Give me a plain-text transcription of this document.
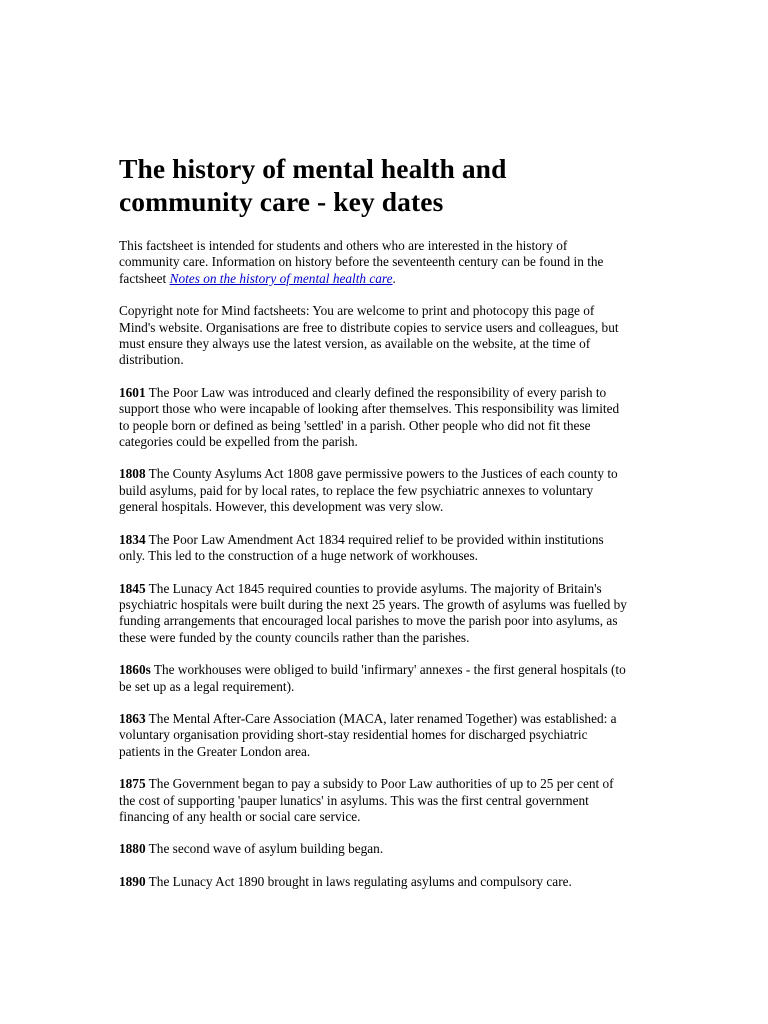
The history of mental health and community care - key dates

This factsheet is intended for students and others who are interested in the history of community care. Information on history before the seventeenth century can be found in the factsheet Notes on the history of mental health care.

Copyright note for Mind factsheets: You are welcome to print and photocopy this page of Mind's website. Organisations are free to distribute copies to service users and colleagues, but must ensure they always use the latest version, as available on the website, at the time of distribution.

1601 The Poor Law was introduced and clearly defined the responsibility of every parish to support those who were incapable of looking after themselves. This responsibility was limited to people born or defined as being 'settled' in a parish. Other people who did not fit these categories could be expelled from the parish.

1808 The County Asylums Act 1808 gave permissive powers to the Justices of each county to build asylums, paid for by local rates, to replace the few psychiatric annexes to voluntary general hospitals. However, this development was very slow.

1834 The Poor Law Amendment Act 1834 required relief to be provided within institutions only. This led to the construction of a huge network of workhouses.

1845 The Lunacy Act 1845 required counties to provide asylums. The majority of Britain's psychiatric hospitals were built during the next 25 years. The growth of asylums was fuelled by funding arrangements that encouraged local parishes to move the parish poor into asylums, as these were funded by the county councils rather than the parishes.

1860s The workhouses were obliged to build 'infirmary' annexes - the first general hospitals (to be set up as a legal requirement).

1863 The Mental After-Care Association (MACA, later renamed Together) was established: a voluntary organisation providing short-stay residential homes for discharged psychiatric patients in the Greater London area.

1875 The Government began to pay a subsidy to Poor Law authorities of up to 25 per cent of the cost of supporting 'pauper lunatics' in asylums. This was the first central government financing of any health or social care service.

1880 The second wave of asylum building began.

1890 The Lunacy Act 1890 brought in laws regulating asylums and compulsory care.
